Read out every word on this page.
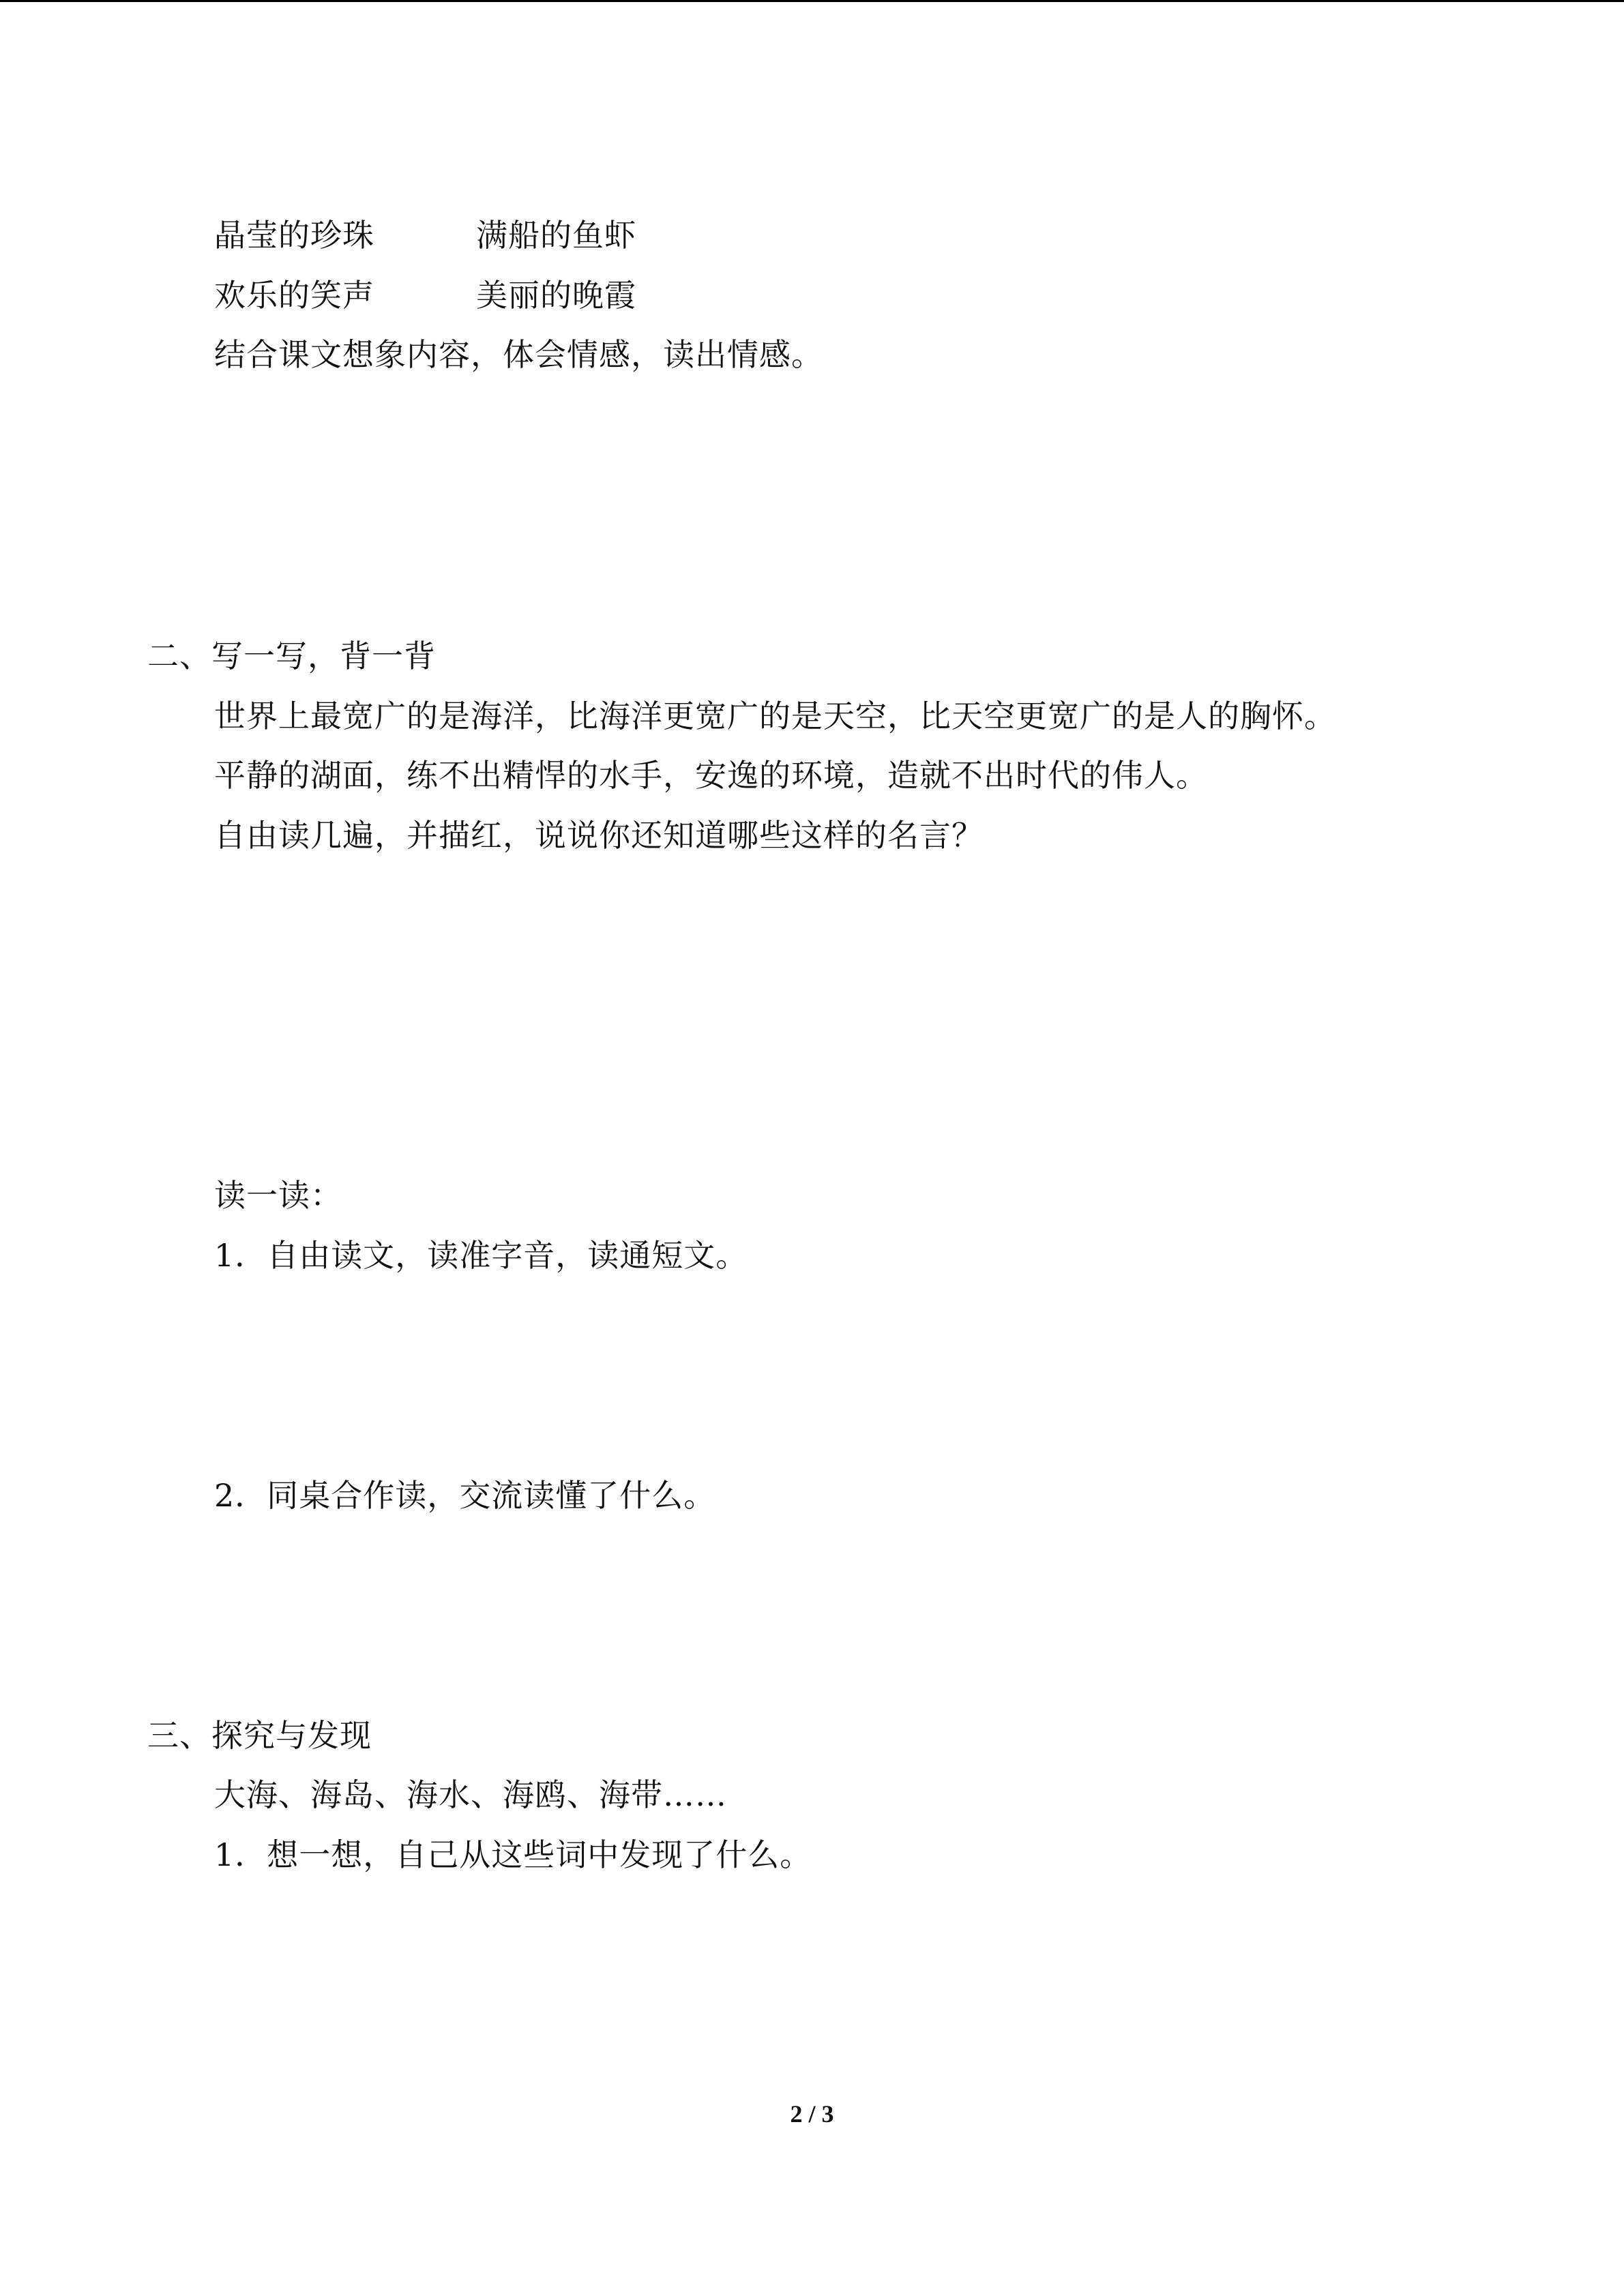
晶莹的珍珠	满船的鱼虾
欢乐的笑声	美丽的晚霞
结合课文想象内容，体会情感，读出情感。
二、写一写，背一背
世界上最宽广的是海洋，比海洋更宽广的是天空，比天空更宽广的是人的胸怀。
平静的湖面，练不出精悍的水手，安逸的环境，造就不出时代的伟人。
自由读几遍，并描红，说说你还知道哪些这样的名言？
读一读：
1．自由读文，读准字音，读通短文。
2．同桌合作读，交流读懂了什么。
三、探究与发现
大海、海岛、海水、海鸥、海带……
1．想一想，自己从这些词中发现了什么。
2 / 3
